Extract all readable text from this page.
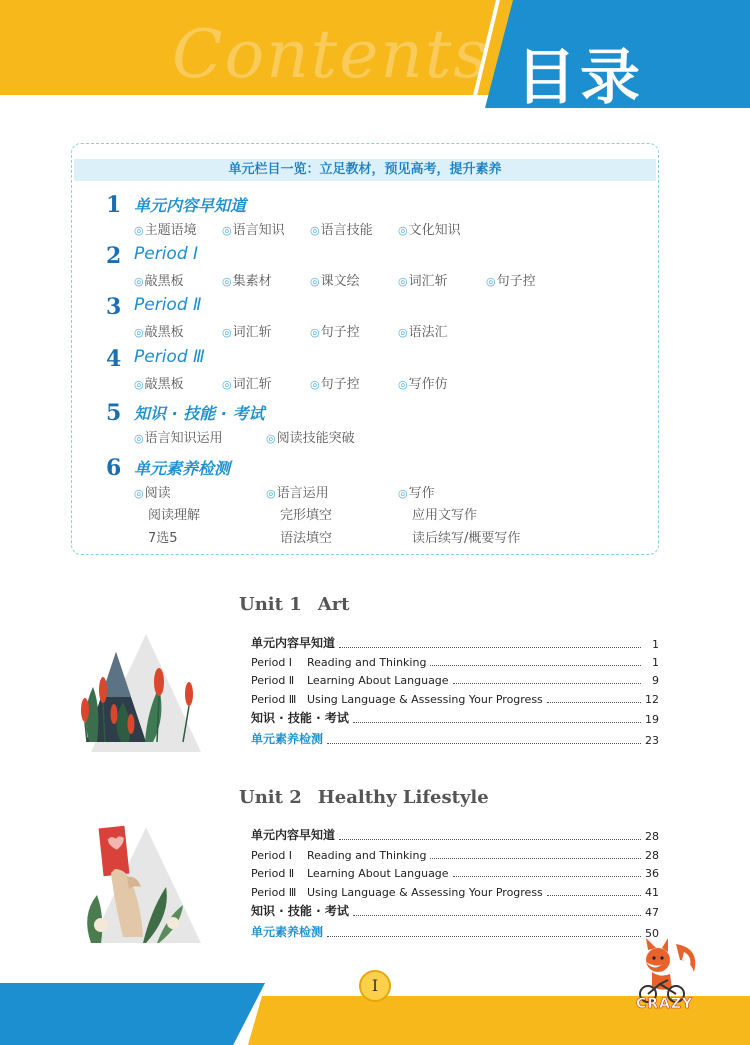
Contents 目录
单元栏目一览：立足教材，预见高考，提升素养
1 单元内容早知道
◎主题语境 ◎语言知识 ◎语言技能 ◎文化知识
2 Period Ⅰ
◎敲黑板	◎集素材	◎课文绘	◎词汇斩	◎句子控
3 Period Ⅱ
◎敲黑板	◎词汇斩	◎句子控	◎语法汇
4 Period Ⅲ
◎敲黑板	◎词汇斩	◎句子控	◎写作仿
5 知识 · 技能 · 考试
◎语言知识运用	◎阅读技能突破
6 单元素养检测
◎阅读	◎语言运用	◎写作
阅读理解	完形填空	应用文写作
7选5	语法填空	读后续写/概要写作
Unit 1 Art
单元内容早知道	1
Period Ⅰ Reading and Thinking	1
Period Ⅱ Learning About Language	9
Period Ⅲ Using Language & Assessing Your Progress	12
知识 · 技能 · 考试	19
单元素养检测	23
Unit 2 Healthy Lifestyle
单元内容早知道	28
Period Ⅰ Reading and Thinking	28
Period Ⅱ Learning About Language	36
Period Ⅲ Using Language & Assessing Your Progress	41
知识 · 技能 · 考试	47
单元素养检测	50
Ⅰ
CRAZY
